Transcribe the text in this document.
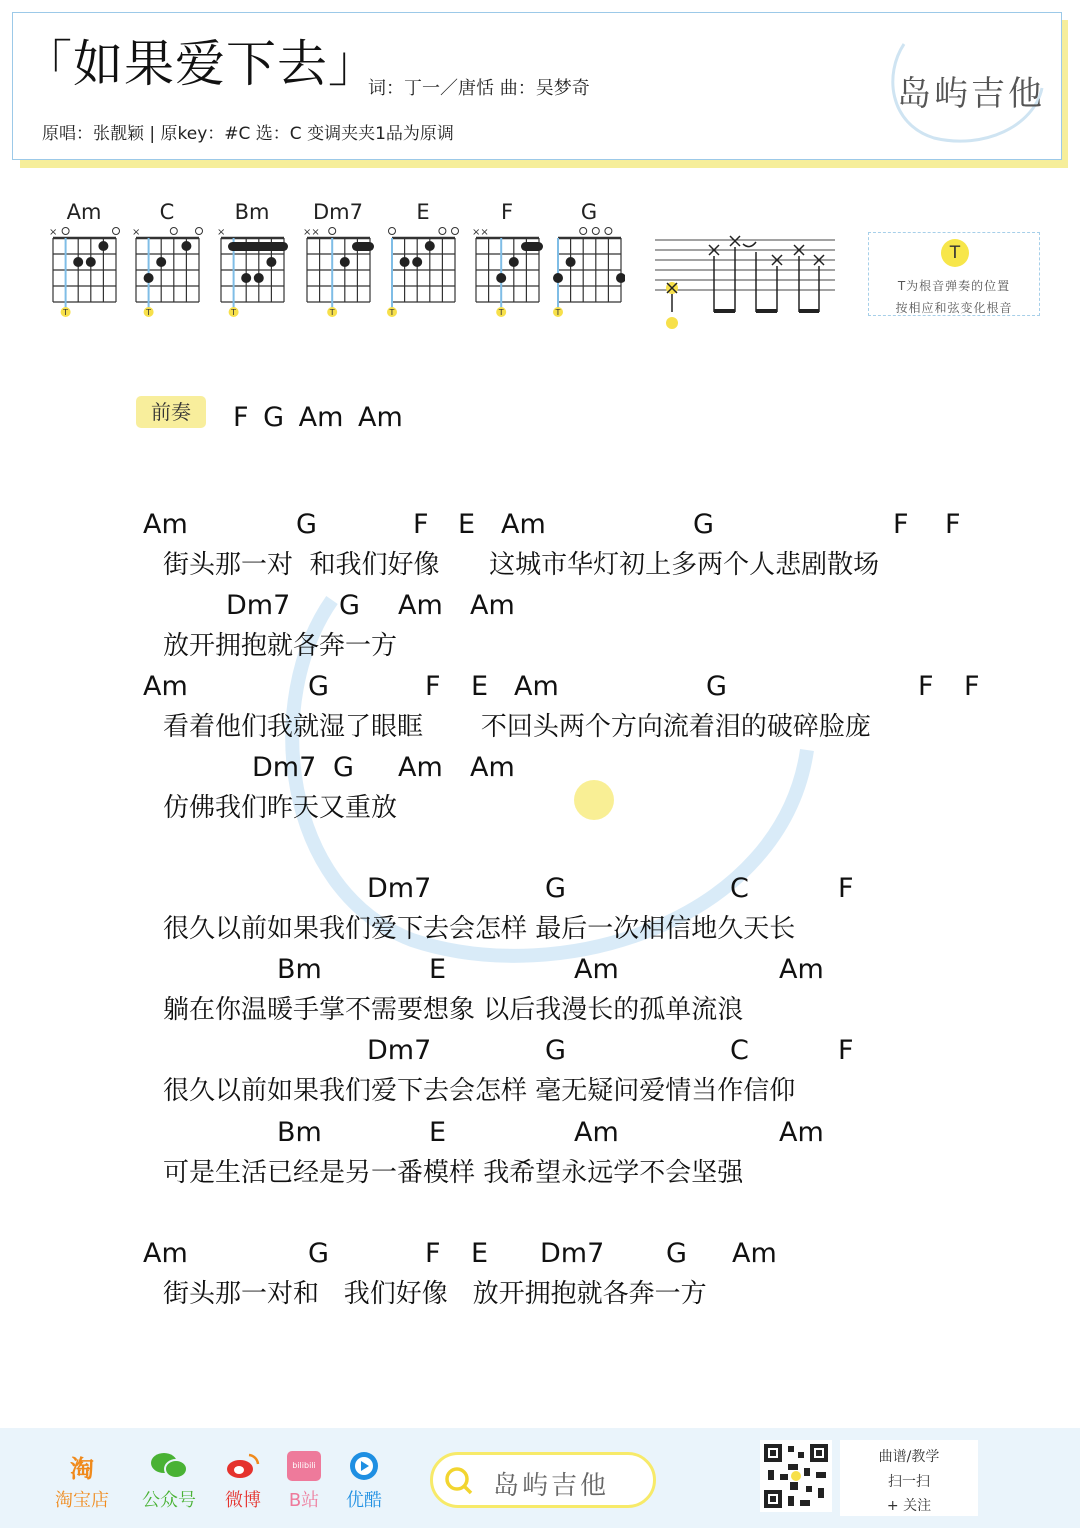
「如果爱下去」
词：丁一／唐恬 曲：吴梦奇
原唱：张靓颖 | 原key：#C 选：C 变调夹夹1品为原调
岛屿吉他
Am
×
T
C
×
T
Bm
×
T
Dm7
××
T
E
T
F
××
T
G
T
T
T为根音弹奏的位置
按相应和弦变化根音
前奏	F G Am Am
Am	G	F E Am	G	F F
街头那一对  和我们好像      这城市华灯初上多两个人悲剧散场
Dm7 G Am Am
放开拥抱就各奔一方
Am	G	F E Am	G	F F
看着他们我就湿了眼眶       不回头两个方向流着泪的破碎脸庞
Dm7 G Am Am
仿佛我们昨天又重放
Dm7	G	C	F
很久以前如果我们爱下去会怎样 最后一次相信地久天长
Bm	E	Am	Am
躺在你温暖手掌不需要想象 以后我漫长的孤单流浪
Dm7	G	C	F
很久以前如果我们爱下去会怎样 毫无疑问爱情当作信仰
Bm	E	Am	Am
可是生活已经是另一番模样 我希望永远学不会坚强
Am	G	F E Dm7 G Am
街头那一对和   我们好像   放开拥抱就各奔一方
淘
淘宝店 公众号	微博
bilibili
B站	优酷	岛屿吉他
曲谱/教学
扫一扫
+ 关注
